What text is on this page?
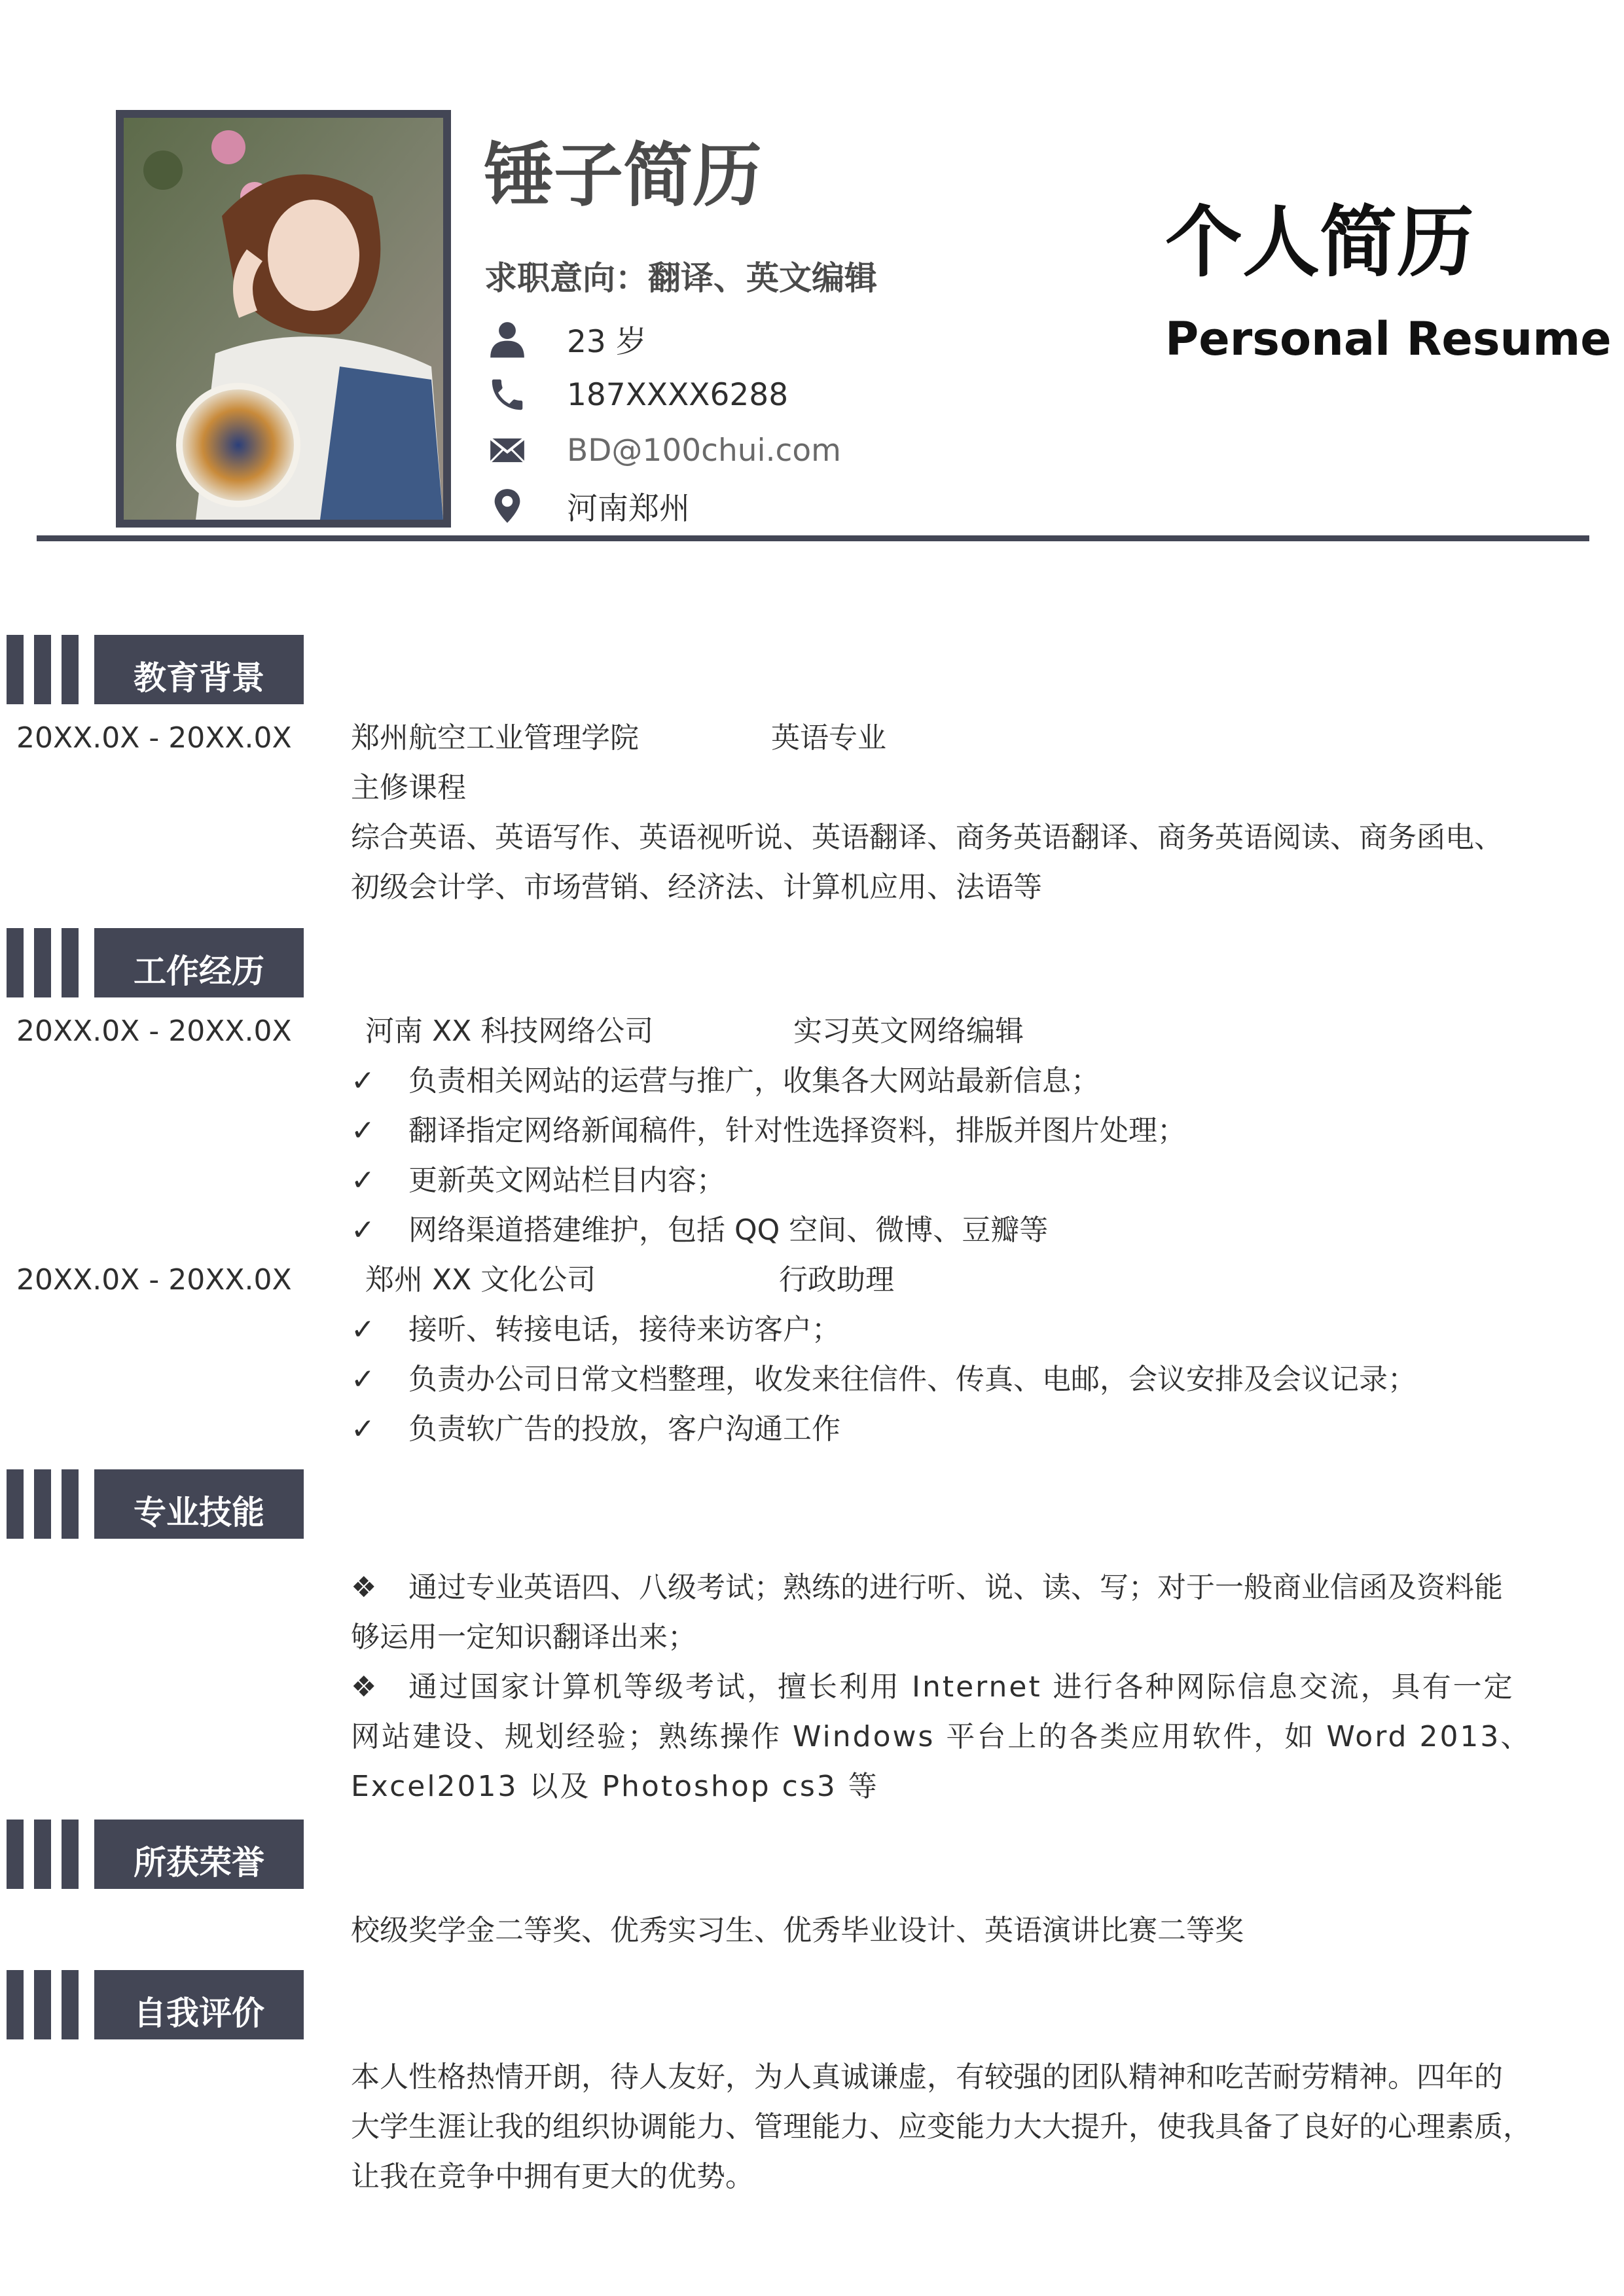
锤子简历
求职意向：翻译、英文编辑
23 岁
187XXXX6288
BD@100chui.com
河南郑州
个人简历
Personal Resume
教育背景
20XX.0X - 20XX.0X 郑州航空工业管理学院	英语专业
主修课程
综合英语、英语写作、英语视听说、英语翻译、商务英语翻译、商务英语阅读、商务函电、
初级会计学、市场营销、经济法、计算机应用、法语等
工作经历
20XX.0X - 20XX.0X	河南 XX 科技网络公司	实习英文网络编辑
✓ 负责相关网站的运营与推广，收集各大网站最新信息；
✓ 翻译指定网络新闻稿件，针对性选择资料，排版并图片处理；
✓ 更新英文网站栏目内容；
✓ 网络渠道搭建维护，包括 QQ 空间、微博、豆瓣等
20XX.0X - 20XX.0X	郑州 XX 文化公司	行政助理
✓ 接听、转接电话，接待来访客户；
✓ 负责办公司日常文档整理，收发来往信件、传真、电邮，会议安排及会议记录；
✓ 负责软广告的投放，客户沟通工作
专业技能
❖ 通过专业英语四、八级考试；熟练的进行听、说、读、写；对于一般商业信函及资料能
够运用一定知识翻译出来；
❖ 通过国家计算机等级考试，擅长利用 Internet 进行各种网际信息交流，具有一定
网站建设、规划经验；熟练操作 Windows 平台上的各类应用软件，如 Word 2013、
Excel2013 以及 Photoshop cs3 等
所获荣誉
校级奖学金二等奖、优秀实习生、优秀毕业设计、英语演讲比赛二等奖
自我评价
本人性格热情开朗，待人友好，为人真诚谦虚，有较强的团队精神和吃苦耐劳精神。四年的
大学生涯让我的组织协调能力、管理能力、应变能力大大提升，使我具备了良好的心理素质，
让我在竞争中拥有更大的优势。
